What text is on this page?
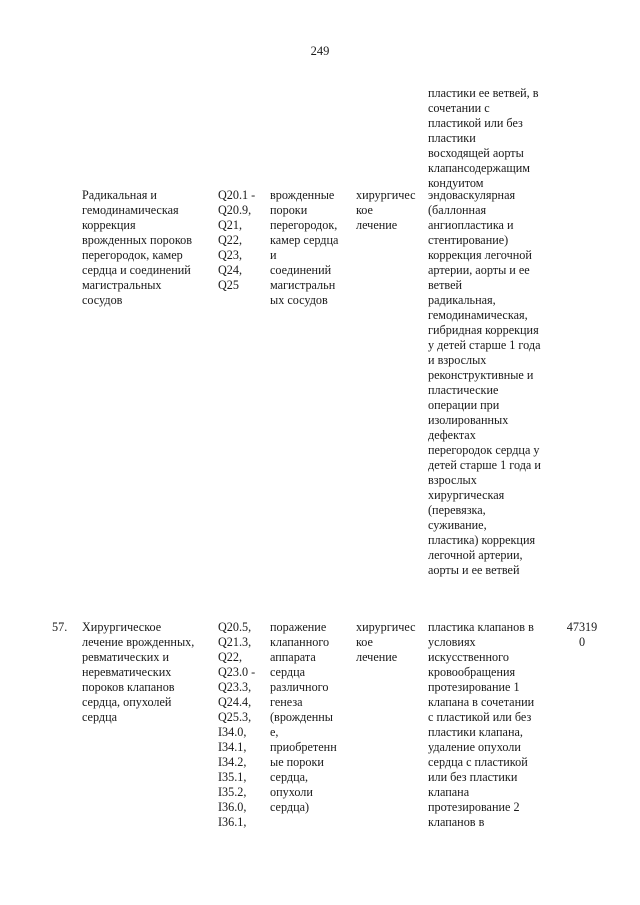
249
пластики ее ветвей, в
сочетании с
пластикой или без
пластики
восходящей аорты
клапансодержащим
кондуитом
Радикальная и
гемодинамическая
коррекция
врожденных пороков
перегородок, камер
сердца и соединений
магистральных
сосудов
Q20.1 -
Q20.9,
Q21,
Q22,
Q23,
Q24,
Q25
врожденные
пороки
перегородок,
камер сердца
и
соединений
магистральн
ых сосудов
хирургичес
кое
лечение
эндоваскулярная
(баллонная
ангиопластика и
стентирование)
коррекция легочной
артерии, аорты и ее
ветвей
радикальная,
гемодинамическая,
гибридная коррекция
у детей старше 1 года
и взрослых
реконструктивные и
пластические
операции при
изолированных
дефектах
перегородок сердца у
детей старше 1 года и
взрослых
хирургическая
(перевязка,
суживание,
пластика) коррекция
легочной артерии,
аорты и ее ветвей
57. Хирургическое
лечение врожденных,
ревматических и
неревматических
пороков клапанов
сердца, опухолей
сердца
Q20.5,
Q21.3,
Q22,
Q23.0 -
Q23.3,
Q24.4,
Q25.3,
I34.0,
I34.1,
I34.2,
I35.1,
I35.2,
I36.0,
I36.1,
поражение
клапанного
аппарата
сердца
различного
генеза
(врожденны
е,
приобретенн
ые пороки
сердца,
опухоли
сердца)
хирургичес
кое
лечение
пластика клапанов в
условиях
искусственного
кровообращения
протезирование 1
клапана в сочетании
с пластикой или без
пластики клапана,
удаление опухоли
сердца с пластикой
или без пластики
клапана
протезирование 2
клапанов в
47319
0
